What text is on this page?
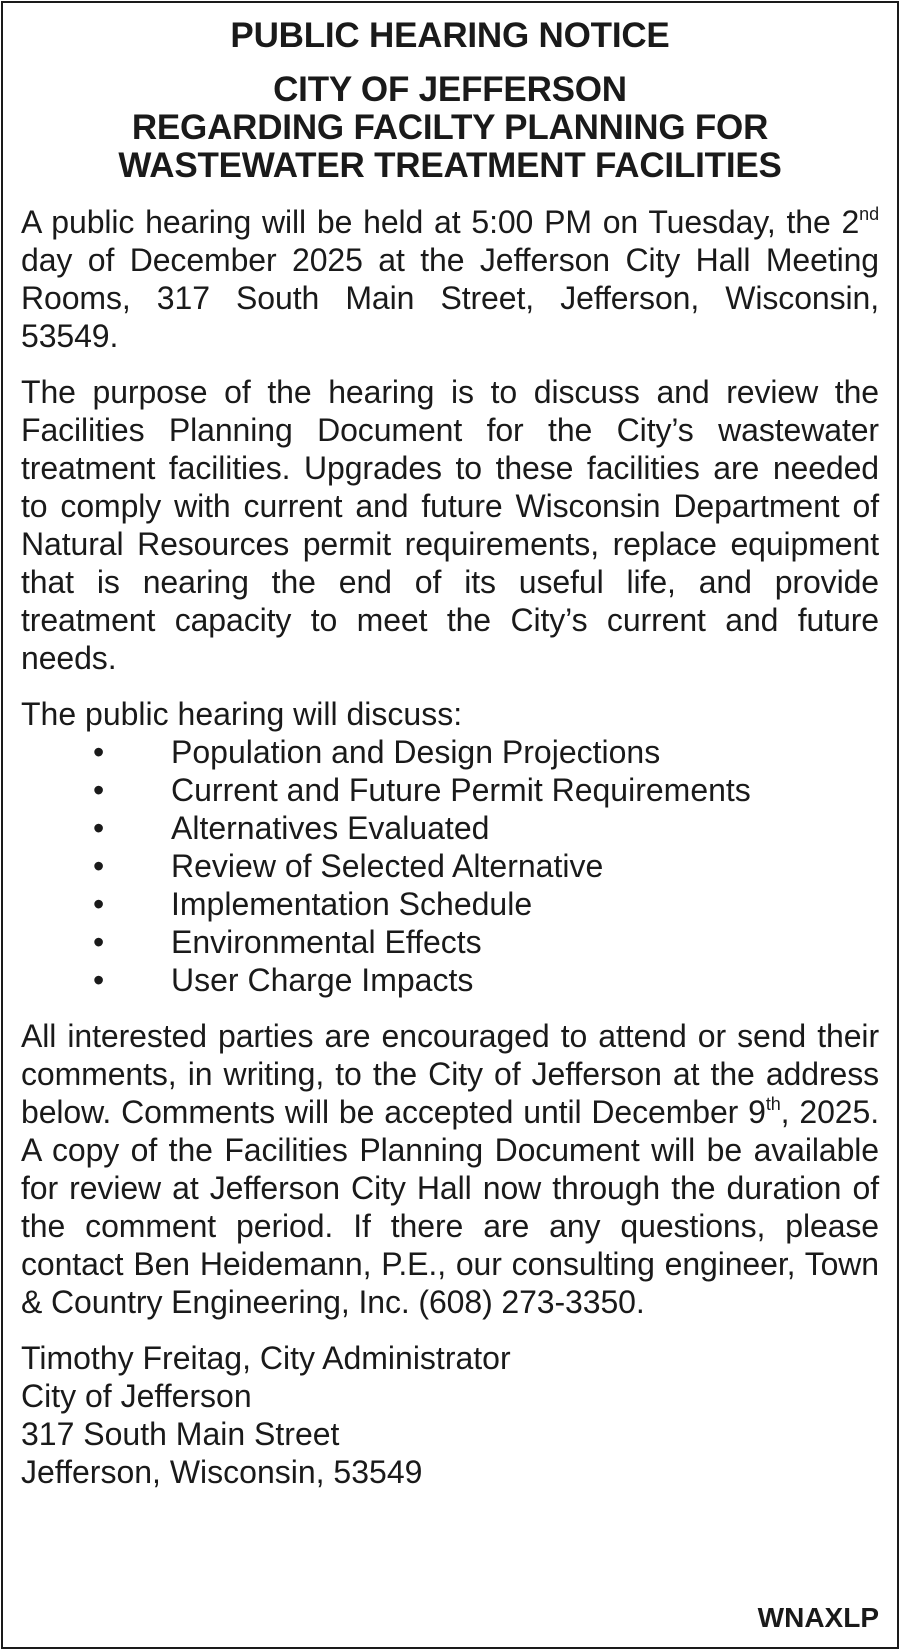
PUBLIC HEARING NOTICE
CITY OF JEFFERSON
REGARDING FACILTY PLANNING FOR
WASTEWATER TREATMENT FACILITIES

A public hearing will be held at 5:00 PM on Tuesday, the 2nd day of December 2025 at the Jefferson City Hall Meeting Rooms, 317 South Main Street, Jefferson, Wisconsin, 53549.

The purpose of the hearing is to discuss and review the Facilities Planning Document for the City’s wastewater treatment facilities. Upgrades to these facilities are needed to comply with current and future Wisconsin Department of Natural Resources permit requirements, replace equipment that is nearing the end of its useful life, and provide treatment capacity to meet the City’s current and future needs.

The public hearing will discuss:
• Population and Design Projections
• Current and Future Permit Requirements
• Alternatives Evaluated
• Review of Selected Alternative
• Implementation Schedule
• Environmental Effects
• User Charge Impacts

All interested parties are encouraged to attend or send their comments, in writing, to the City of Jefferson at the address below. Comments will be accepted until December 9th, 2025. A copy of the Facilities Planning Document will be available for review at Jefferson City Hall now through the duration of the comment period. If there are any questions, please contact Ben Heidemann, P.E., our consulting engineer, Town & Country Engineering, Inc. (608) 273-3350.

Timothy Freitag, City Administrator
City of Jefferson
317 South Main Street
Jefferson, Wisconsin, 53549
WNAXLP
